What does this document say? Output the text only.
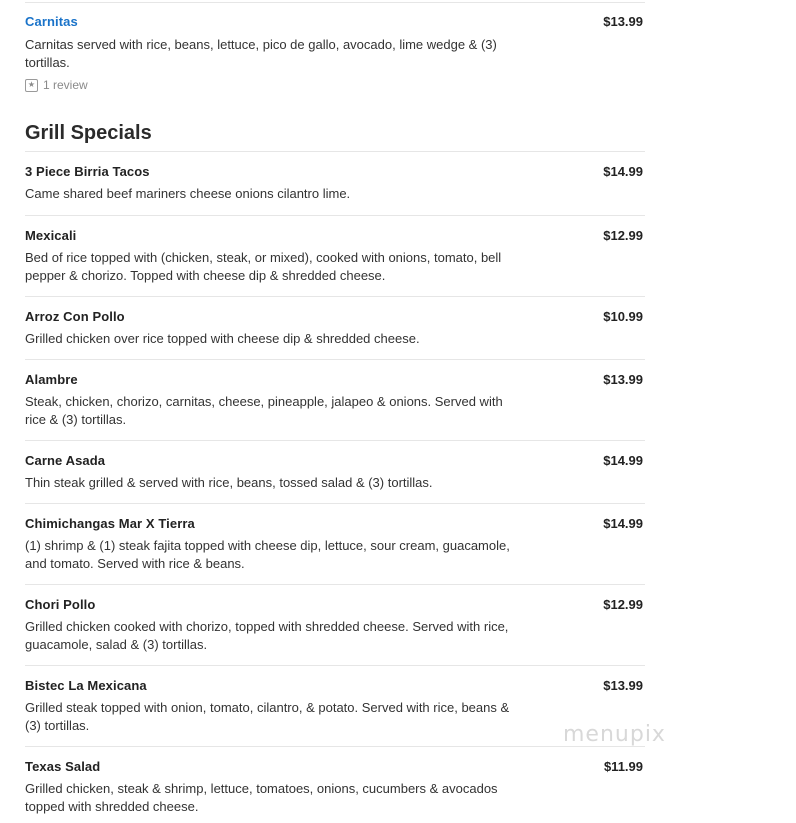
Carnitas	$13.99
Carnitas served with rice, beans, lettuce, pico de gallo, avocado, lime wedge & (3) tortillas.
★ 1 review
Grill Specials
3 Piece Birria Tacos	$14.99
Came shared beef mariners cheese onions cilantro lime.
Mexicali	$12.99
Bed of rice topped with (chicken, steak, or mixed), cooked with onions, tomato, bell pepper & chorizo. Topped with cheese dip & shredded cheese.
Arroz Con Pollo	$10.99
Grilled chicken over rice topped with cheese dip & shredded cheese.
Alambre	$13.99
Steak, chicken, chorizo, carnitas, cheese, pineapple, jalapeo & onions. Served with rice & (3) tortillas.
Carne Asada	$14.99
Thin steak grilled & served with rice, beans, tossed salad & (3) tortillas.
Chimichangas Mar X Tierra	$14.99
(1) shrimp & (1) steak fajita topped with cheese dip, lettuce, sour cream, guacamole, and tomato. Served with rice & beans.
Chori Pollo	$12.99
Grilled chicken cooked with chorizo, topped with shredded cheese. Served with rice, guacamole, salad & (3) tortillas.
Bistec La Mexicana	$13.99
Grilled steak topped with onion, tomato, cilantro, & potato. Served with rice, beans & (3) tortillas.
Texas Salad	$11.99
Grilled chicken, steak & shrimp, lettuce, tomatoes, onions, cucumbers & avocados topped with shredded cheese.
menupix
